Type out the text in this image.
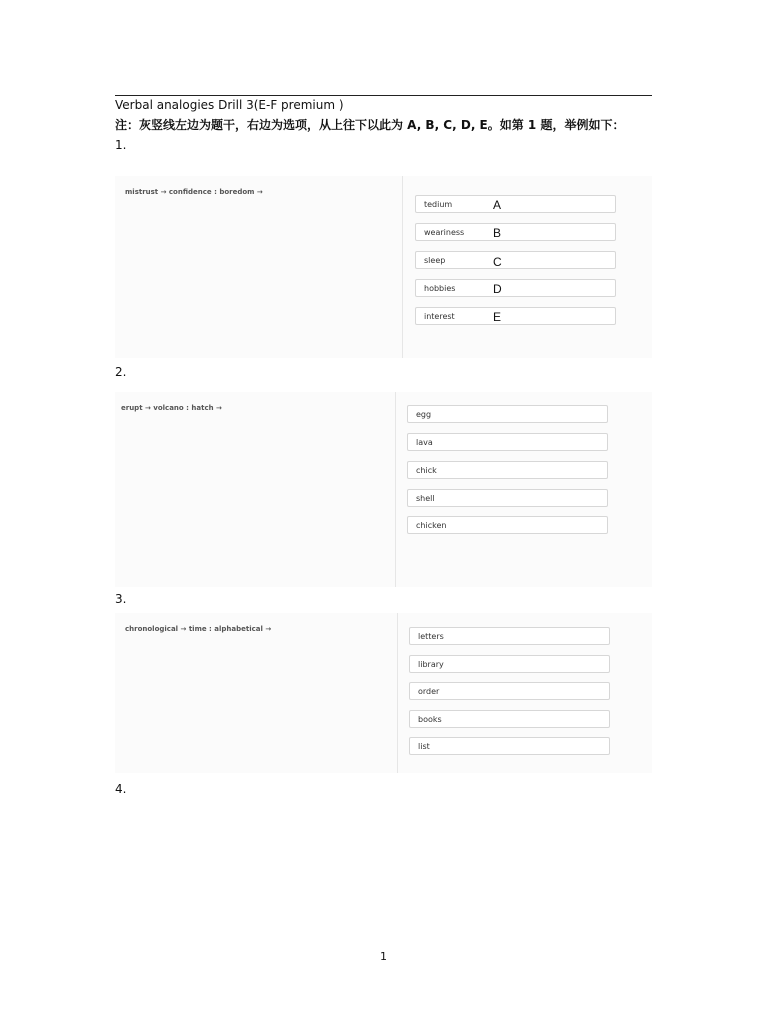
Verbal analogies Drill 3(E-F premium )
注：灰竖线左边为题干，右边为选项，从上往下以此为 A, B, C, D, E。如第 1 题，举例如下：
1.
mistrust → confidence : boredom →
tedium
weariness
sleep
hobbies
interest
A
B
C
D
E
2.
erupt → volcano : hatch →
egg
lava
chick
shell
chicken
3.
chronological → time : alphabetical →
letters
library
order
books
list
4.
1
